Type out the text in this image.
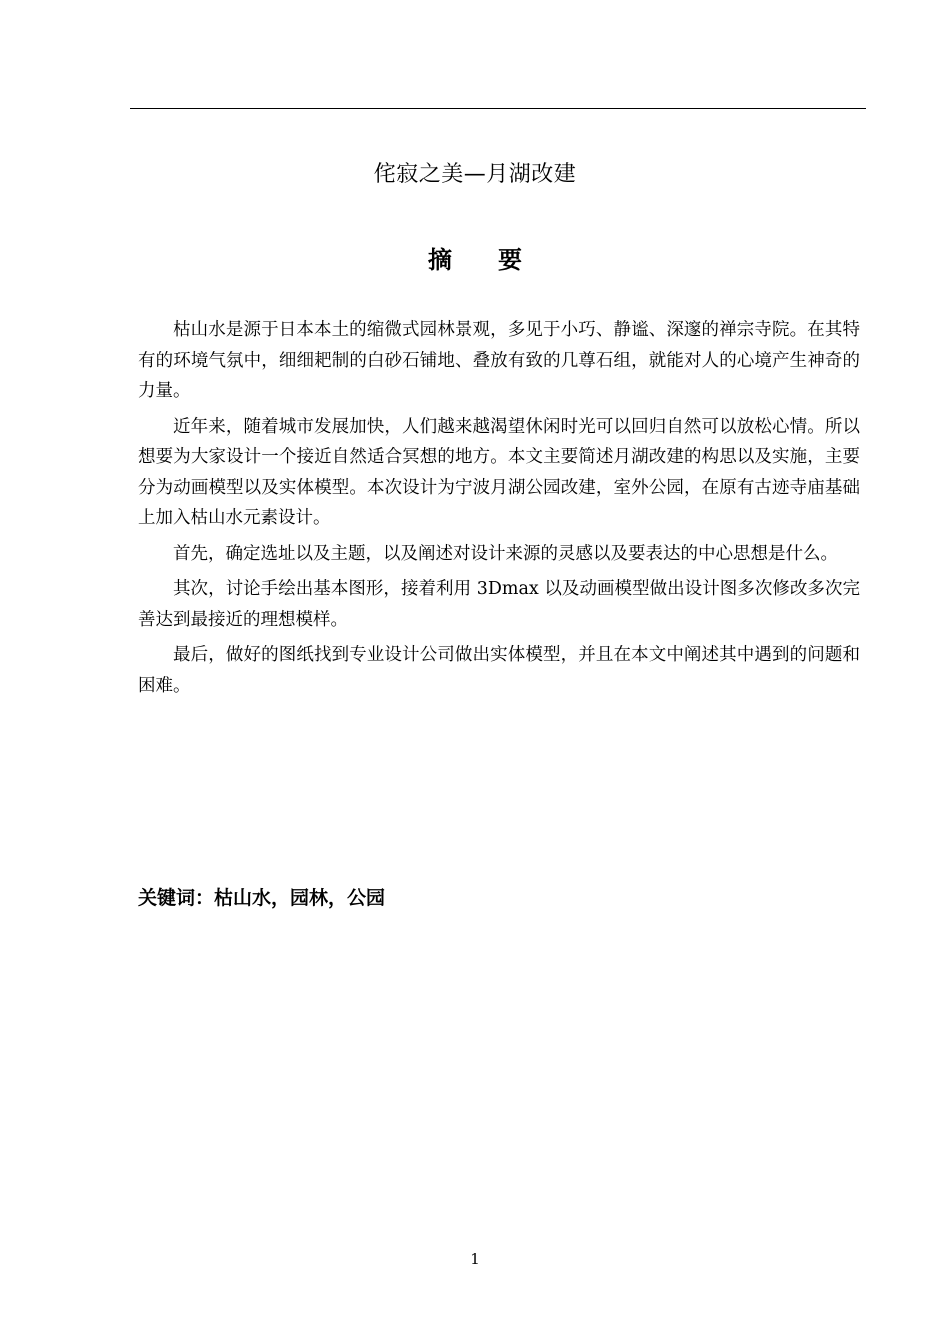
侘寂之美—月湖改建
摘 要

枯山水是源于日本本土的缩微式园林景观，多见于小巧、静谧、深邃的禅宗寺院。在其特有的环境气氛中，细细耙制的白砂石铺地、叠放有致的几尊石组，就能对人的心境产生神奇的力量。

近年来，随着城市发展加快，人们越来越渴望休闲时光可以回归自然可以放松心情。所以想要为大家设计一个接近自然适合冥想的地方。本文主要简述月湖改建的构思以及实施，主要分为动画模型以及实体模型。本次设计为宁波月湖公园改建，室外公园，在原有古迹寺庙基础上加入枯山水元素设计。

首先，确定选址以及主题，以及阐述对设计来源的灵感以及要表达的中心思想是什么。

其次，讨论手绘出基本图形，接着利用 3Dmax 以及动画模型做出设计图多次修改多次完善达到最接近的理想模样。

最后，做好的图纸找到专业设计公司做出实体模型，并且在本文中阐述其中遇到的问题和困难。

关键词：枯山水，园林，公园
1
